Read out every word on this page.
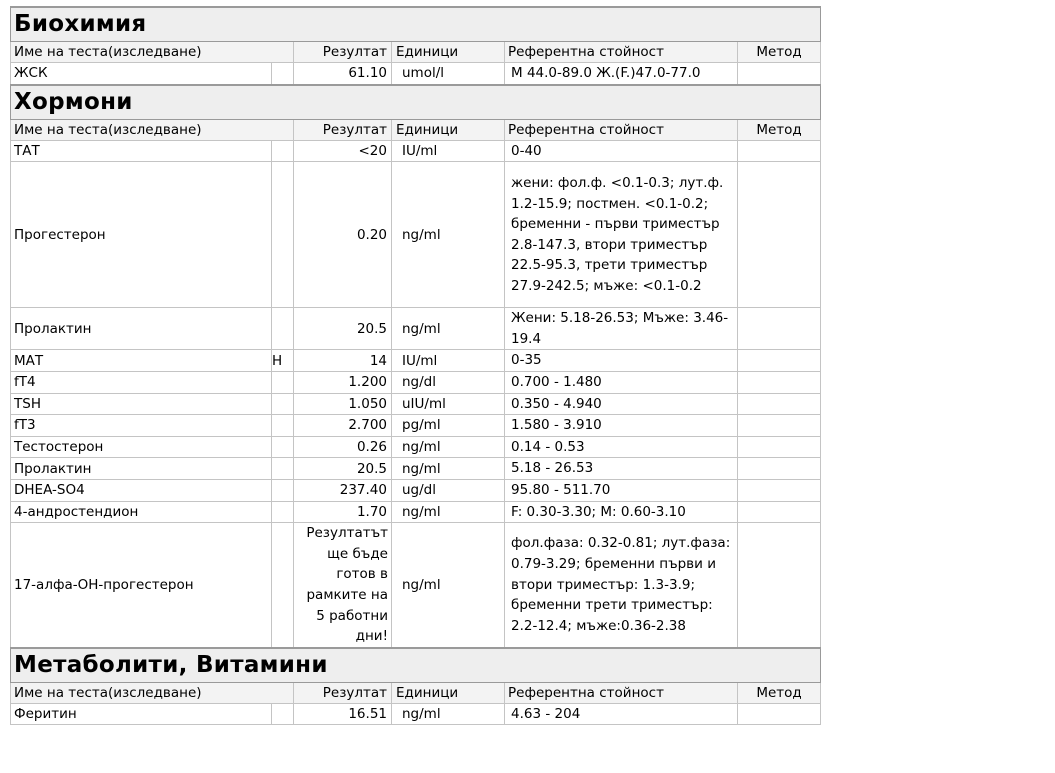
Биохимия					
Име на теста(изследване)		Резултат	Единици	Референтна стойност	Метод
ЖСК		61.10	umol/l	М 44.0-89.0 Ж.(F.)47.0-77.0	
Хормони					
Име на теста(изследване)		Резултат	Единици	Референтна стойност	Метод
ТАТ		<20	IU/ml	0-40	
Прогестерон		0.20	ng/ml	жени: фол.ф. <0.1-0.3; лут.ф. 1.2-15.9; постмен. <0.1-0.2; бременни - първи триместър 2.8-147.3, втори триместър 22.5-95.3, трети триместър 27.9-242.5; мъже: <0.1-0.2	
Пролактин		20.5	ng/ml	Жени: 5.18-26.53; Мъже: 3.46-19.4	
МАТ	H	14	IU/ml	0-35	
fT4		1.200	ng/dl	0.700 - 1.480	
TSH		1.050	uIU/ml	0.350 - 4.940	
fT3		2.700	pg/ml	1.580 - 3.910	
Тестостерон		0.26	ng/ml	0.14 - 0.53	
Пролактин		20.5	ng/ml	5.18 - 26.53	
DHEA-SO4		237.40	ug/dl	95.80 - 511.70	
4-андростендион		1.70	ng/ml	F: 0.30-3.30; M: 0.60-3.10	
17-алфа-ОН-прогестерон		Резултатът ще бъде готов в рамките на 5 работни дни!	ng/ml	фол.фаза: 0.32-0.81; лут.фаза: 0.79-3.29; бременни първи и втори триместър: 1.3-3.9; бременни трети триместър: 2.2-12.4; мъже:0.36-2.38	
Метаболити, Витамини					
Име на теста(изследване)		Резултат	Единици	Референтна стойност	Метод
Феритин		16.51	ng/ml	4.63 - 204	
